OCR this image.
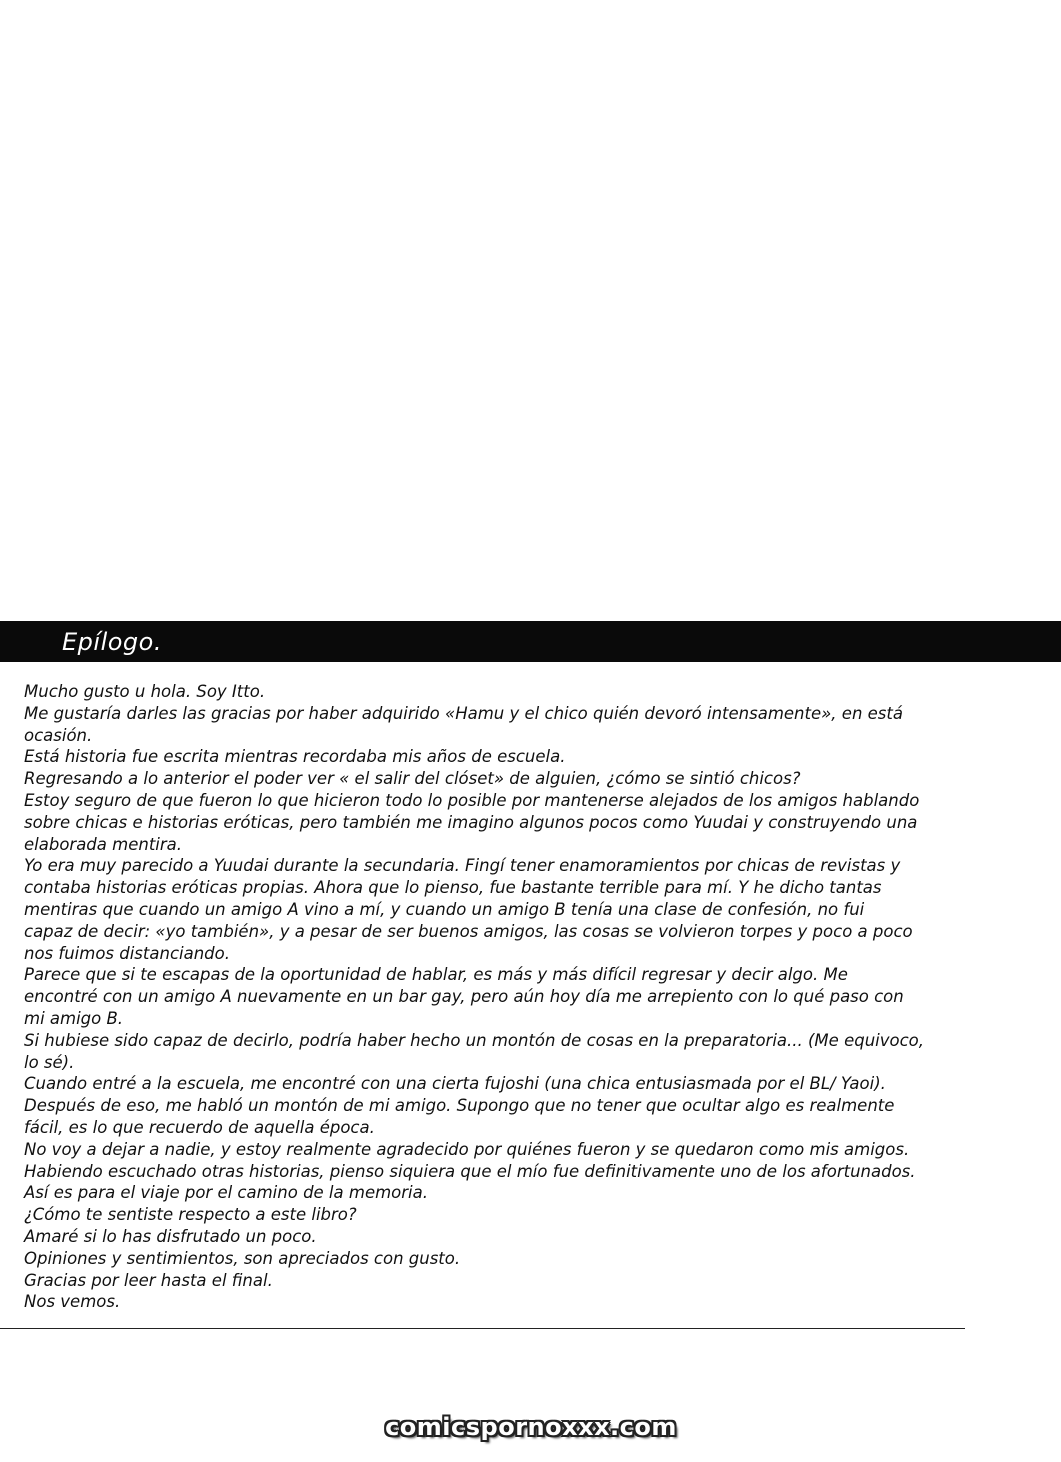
Epílogo.
Mucho gusto u hola. Soy Itto.
Me gustaría darles las gracias por haber adquirido «Hamu y el chico quién devoró intensamente», en está
ocasión.
Está historia fue escrita mientras recordaba mis años de escuela.
Regresando a lo anterior el poder ver « el salir del clóset» de alguien, ¿cómo se sintió chicos?
Estoy seguro de que fueron lo que hicieron todo lo posible por mantenerse alejados de los amigos hablando
sobre chicas e historias eróticas, pero también me imagino algunos pocos como Yuudai y construyendo una
elaborada mentira.
Yo era muy parecido a Yuudai durante la secundaria. Fingí tener enamoramientos por chicas de revistas y
contaba historias eróticas propias. Ahora que lo pienso, fue bastante terrible para mí. Y he dicho tantas
mentiras que cuando un amigo A vino a mí, y cuando un amigo B tenía una clase de confesión, no fui
capaz de decir: «yo también», y a pesar de ser buenos amigos, las cosas se volvieron torpes y poco a poco
nos fuimos distanciando.
Parece que si te escapas de la oportunidad de hablar, es más y más difícil regresar y decir algo. Me
encontré con un amigo A nuevamente en un bar gay, pero aún hoy día me arrepiento con lo qué paso con
mi amigo B.
Si hubiese sido capaz de decirlo, podría haber hecho un montón de cosas en la preparatoria... (Me equivoco,
lo sé).
Cuando entré a la escuela, me encontré con una cierta fujoshi (una chica entusiasmada por el BL/ Yaoi).
Después de eso, me habló un montón de mi amigo. Supongo que no tener que ocultar algo es realmente
fácil, es lo que recuerdo de aquella época.
No voy a dejar a nadie, y estoy realmente agradecido por quiénes fueron y se quedaron como mis amigos.
Habiendo escuchado otras historias, pienso siquiera que el mío fue definitivamente uno de los afortunados.
Así es para el viaje por el camino de la memoria.
¿Cómo te sentiste respecto a este libro?
Amaré si lo has disfrutado un poco.
Opiniones y sentimientos, son apreciados con gusto.
Gracias por leer hasta el final.
Nos vemos.
comicspornoxxx.com
